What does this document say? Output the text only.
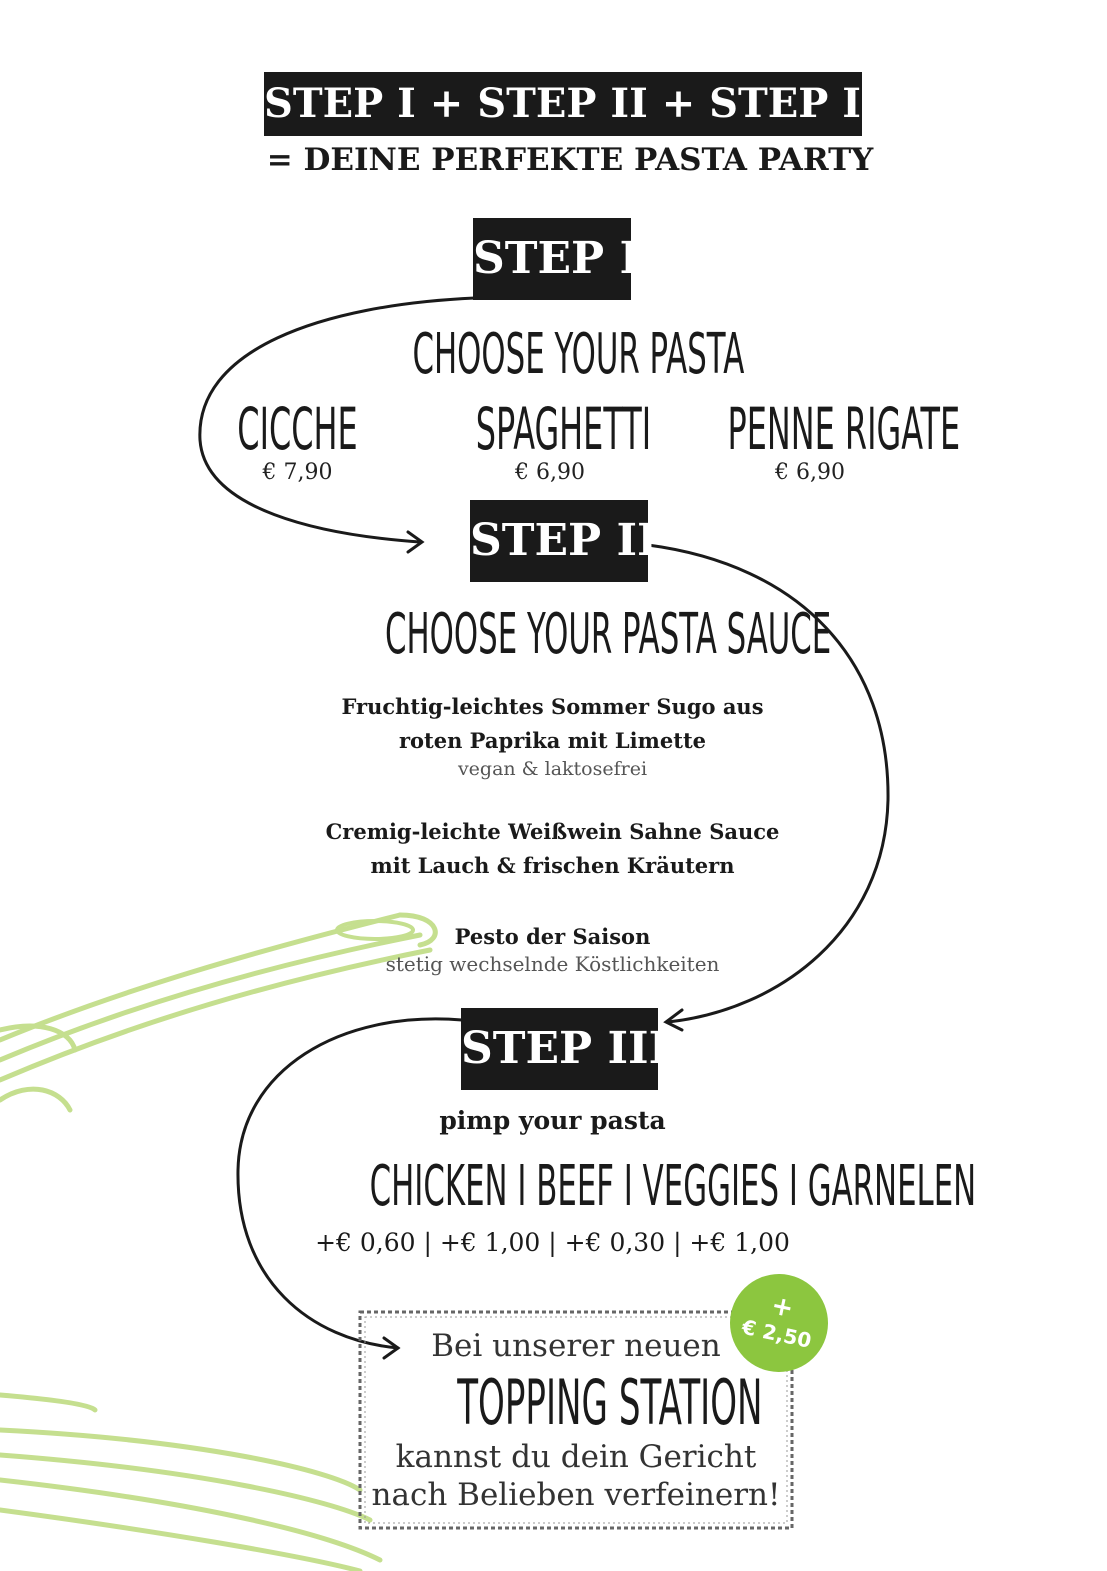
STEP I + STEP II + STEP III
= DEINE PERFEKTE PASTA PARTY
STEP I
CHOOSE YOUR PASTA
CICCHE
€ 7,90
SPAGHETTI
€ 6,90
PENNE RIGATE
€ 6,90
STEP II
CHOOSE YOUR PASTA SAUCE
Fruchtig-leichtes Sommer Sugo aus
roten Paprika mit Limette
vegan & laktosefrei
Cremig-leichte Weißwein Sahne Sauce
mit Lauch & frischen Kräutern
Pesto der Saison
stetig wechselnde Köstlichkeiten
STEP III
pimp your pasta
CHICKEN I BEEF I VEGGIES I GARNELEN
+€ 0,60 | +€ 1,00 | +€ 0,30 | +€ 1,00
Bei unserer neuen
TOPPING STATION
kannst du dein Gericht
nach Belieben verfeinern!
+
€ 2,50
